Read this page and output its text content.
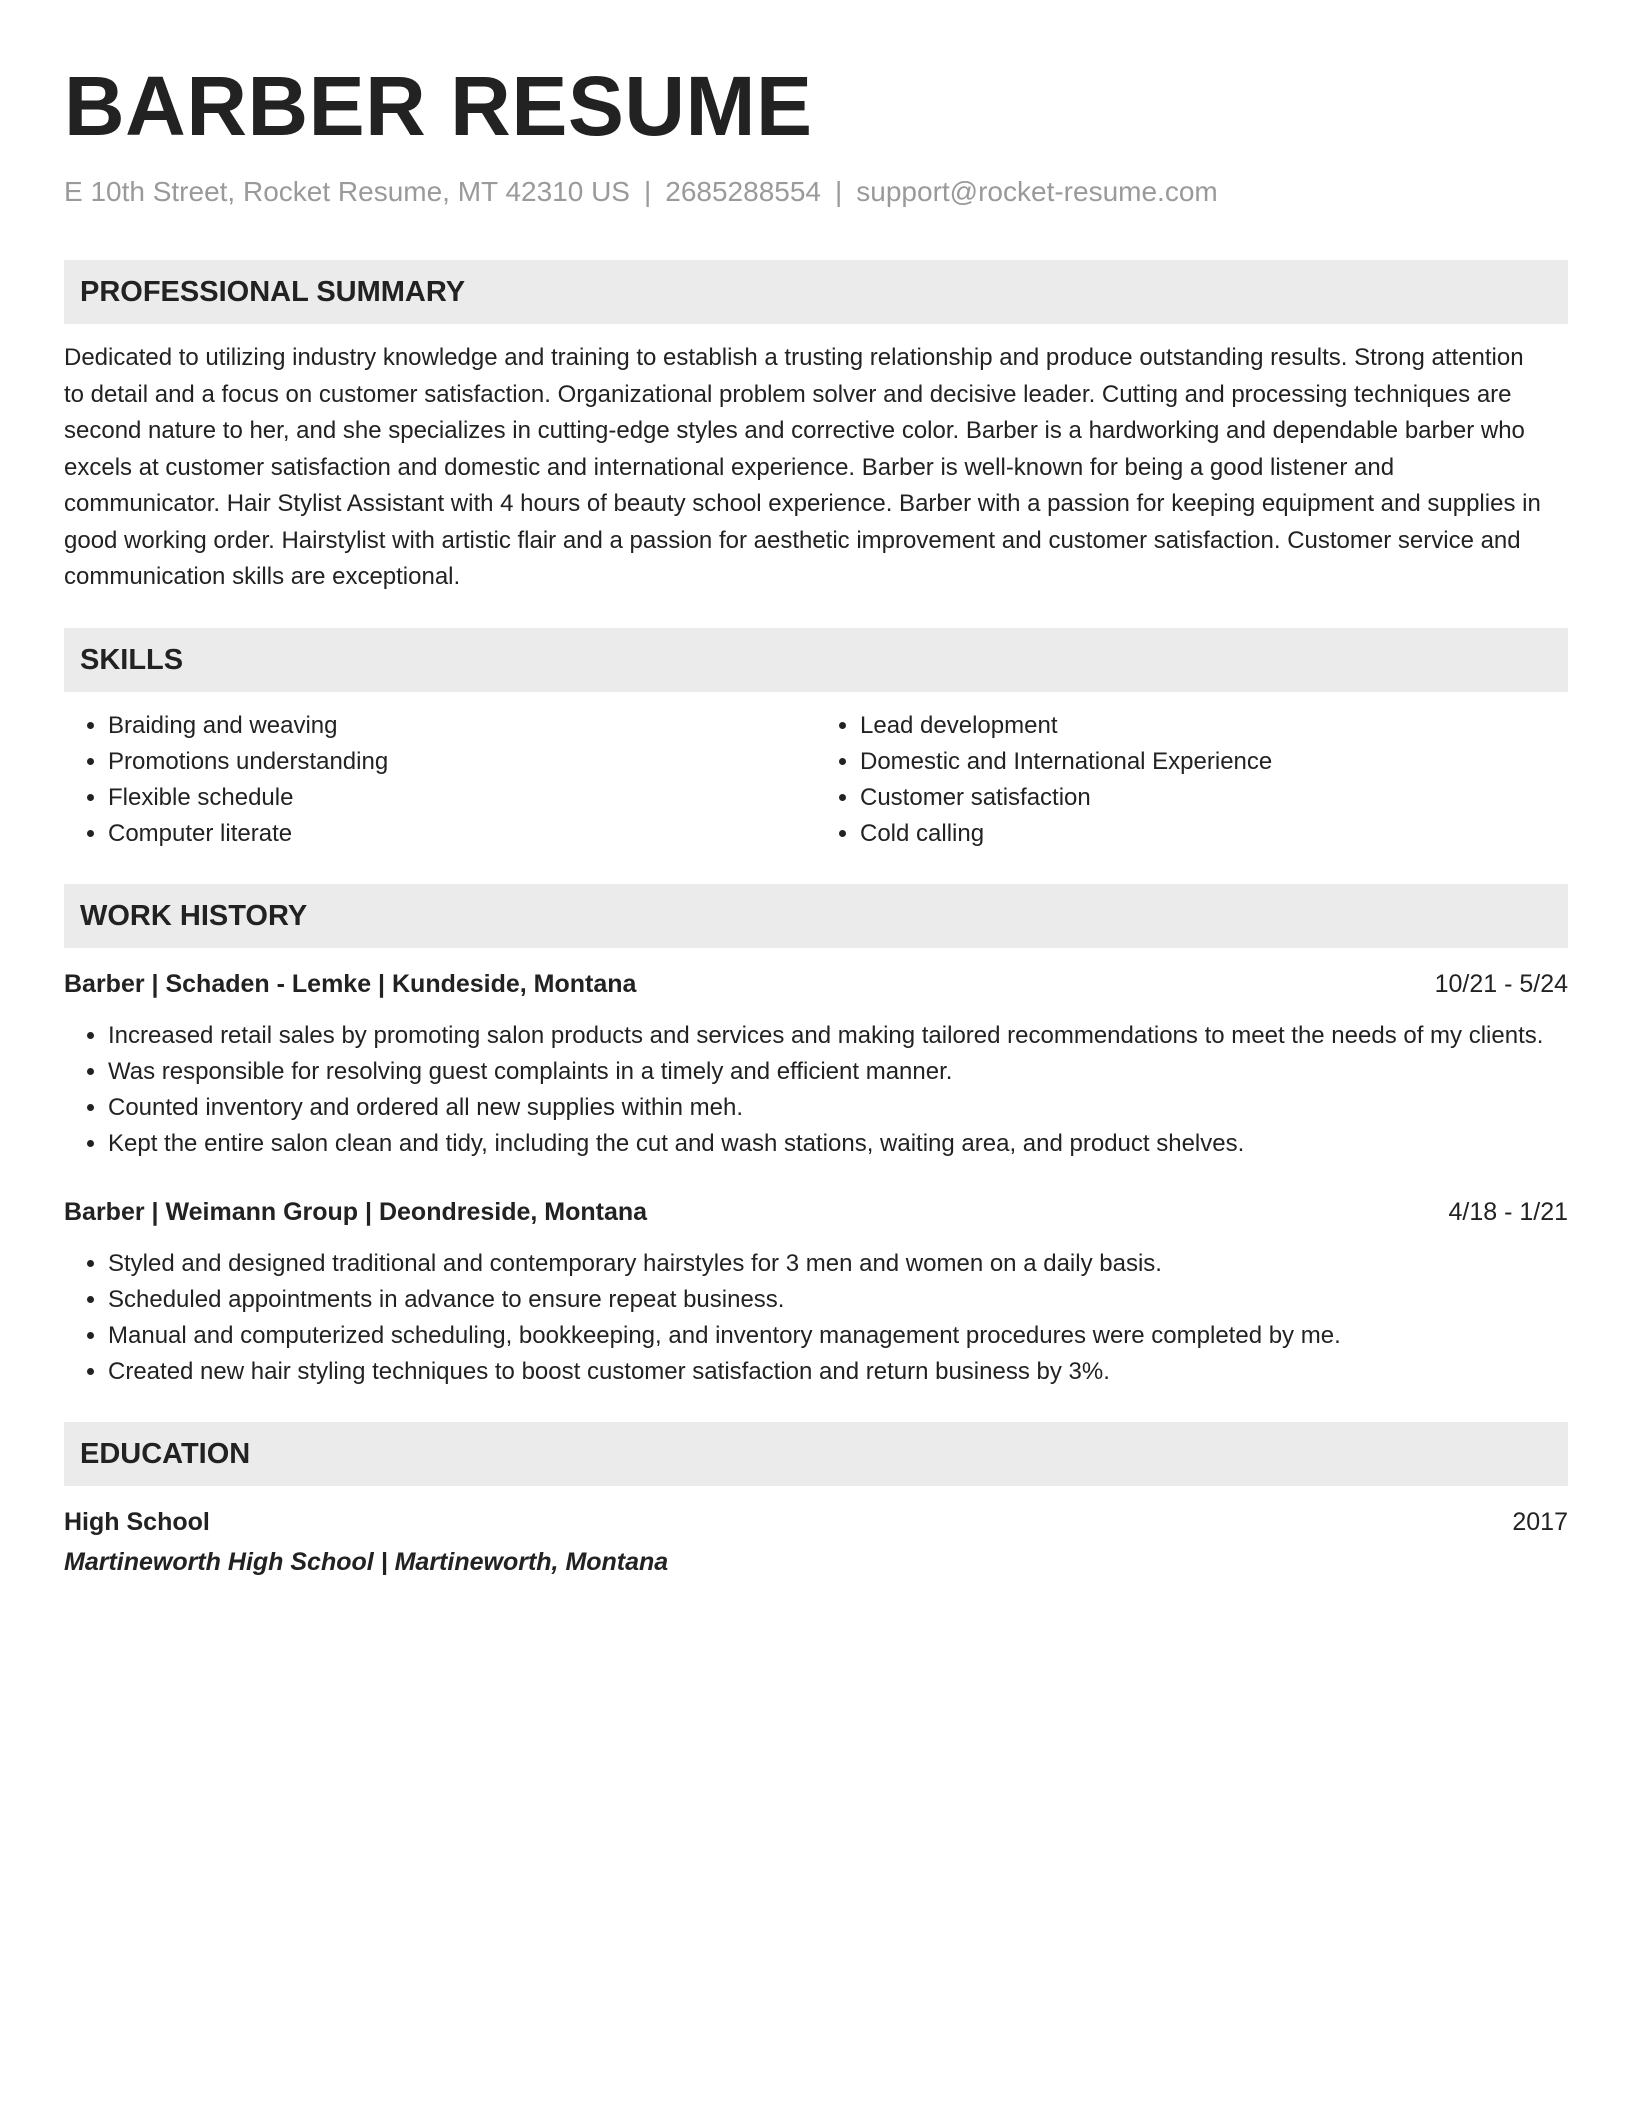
BARBER RESUME
E 10th Street, Rocket Resume, MT 42310 US | 2685288554 | support@rocket-resume.com
PROFESSIONAL SUMMARY

Dedicated to utilizing industry knowledge and training to establish a trusting relationship and produce outstanding results. Strong attention to detail and a focus on customer satisfaction. Organizational problem solver and decisive leader. Cutting and processing techniques are second nature to her, and she specializes in cutting-edge styles and corrective color. Barber is a hardworking and dependable barber who excels at customer satisfaction and domestic and international experience. Barber is well-known for being a good listener and communicator. Hair Stylist Assistant with 4 hours of beauty school experience. Barber with a passion for keeping equipment and supplies in good working order. Hairstylist with artistic flair and a passion for aesthetic improvement and customer satisfaction. Customer service and communication skills are exceptional.

SKILLS
• Braiding and weaving
• Promotions understanding
• Flexible schedule
• Computer literate
• Lead development
• Domestic and International Experience
• Customer satisfaction
• Cold calling
WORK HISTORY
Barber | Schaden - Lemke | Kundeside, Montana	10/21 - 5/24
• Increased retail sales by promoting salon products and services and making tailored recommendations to meet the needs of my clients.
• Was responsible for resolving guest complaints in a timely and efficient manner.
• Counted inventory and ordered all new supplies within meh.
• Kept the entire salon clean and tidy, including the cut and wash stations, waiting area, and product shelves.
Barber | Weimann Group | Deondreside, Montana	4/18 - 1/21
• Styled and designed traditional and contemporary hairstyles for 3 men and women on a daily basis.
• Scheduled appointments in advance to ensure repeat business.
• Manual and computerized scheduling, bookkeeping, and inventory management procedures were completed by me.
• Created new hair styling techniques to boost customer satisfaction and return business by 3%.
EDUCATION
High School	2017
Martineworth High School | Martineworth, Montana
